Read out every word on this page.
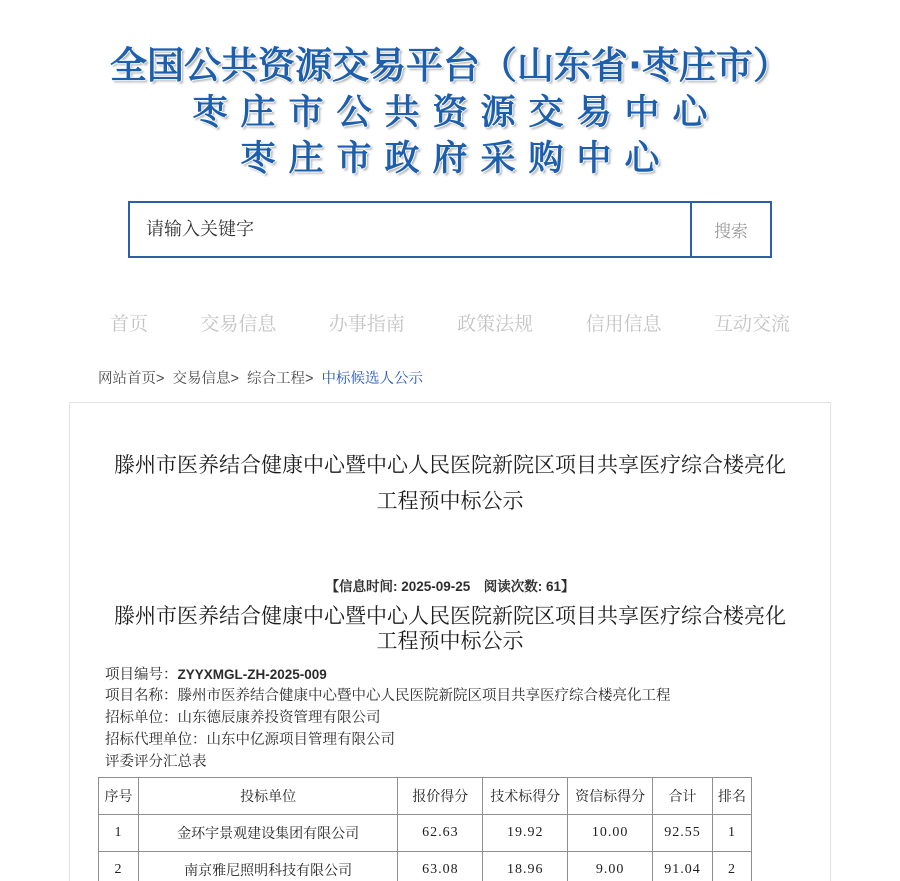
全国公共资源交易平台（山东省·枣庄市）
枣庄市公共资源交易中心
枣庄市政府采购中心
请输入关键字
搜索
首页	交易信息	办事指南	政策法规	信用信息	互动交流
网站首页> 交易信息> 综合工程> 中标候选人公示
滕州市医养结合健康中心暨中心人民医院新院区项目共享医疗综合楼亮化工程预中标公示
【信息时间: 2025-09-25　阅读次数: 61】
滕州市医养结合健康中心暨中心人民医院新院区项目共享医疗综合楼亮化工程预中标公示
项目编号：ZYYXMGL-ZH-2025-009
项目名称：滕州市医养结合健康中心暨中心人民医院新院区项目共享医疗综合楼亮化工程
招标单位：山东德辰康养投资管理有限公司
招标代理单位：山东中亿源项目管理有限公司
评委评分汇总表
序号	投标单位	报价得分	技术标得分	资信标得分	合计	排名
1	金环宇景观建设集团有限公司	62.63	19.92	10.00	92.55	1
2	南京雅尼照明科技有限公司	63.08	18.96	9.00	91.04	2
